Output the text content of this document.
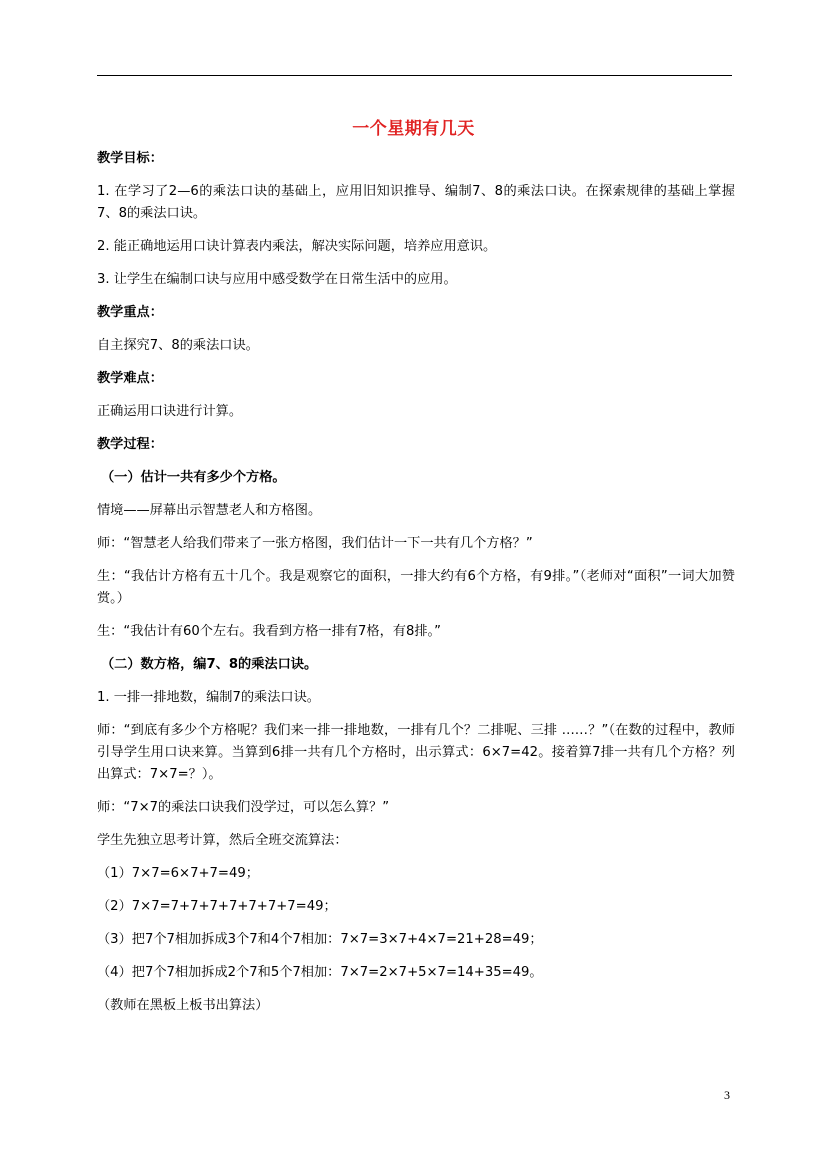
一个星期有几天

教学目标：

1. 在学习了2—6的乘法口诀的基础上，应用旧知识推导、编制7、8的乘法口诀。在探索规律的基础上掌握7、8的乘法口诀。

2. 能正确地运用口诀计算表内乘法，解决实际问题，培养应用意识。

3. 让学生在编制口诀与应用中感受数学在日常生活中的应用。

教学重点：

自主探究7、8的乘法口诀。

教学难点：

正确运用口诀进行计算。

教学过程：

（一）估计一共有多少个方格。

情境——屏幕出示智慧老人和方格图。

师：“智慧老人给我们带来了一张方格图，我们估计一下一共有几个方格？”

生：“我估计方格有五十几个。我是观察它的面积，一排大约有6个方格，有9排。”（老师对“面积”一词大加赞赏。）

生：“我估计有60个左右。我看到方格一排有7格，有8排。”

（二）数方格，编7、8的乘法口诀。

1. 一排一排地数，编制7的乘法口诀。

师：“到底有多少个方格呢？我们来一排一排地数，一排有几个？二排呢、三排 ……？”（在数的过程中，教师引导学生用口诀来算。当算到6排一共有几个方格时，出示算式：6×7=42。接着算7排一共有几个方格？列出算式：7×7=？）。

师：“7×7的乘法口诀我们没学过，可以怎么算？”

学生先独立思考计算，然后全班交流算法：

（1）7×7=6×7+7=49；

（2）7×7=7+7+7+7+7+7+7=49；

（3）把7个7相加拆成3个7和4个7相加：7×7=3×7+4×7=21+28=49；

（4）把7个7相加拆成2个7和5个7相加：7×7=2×7+5×7=14+35=49。

（教师在黑板上板书出算法）

3
